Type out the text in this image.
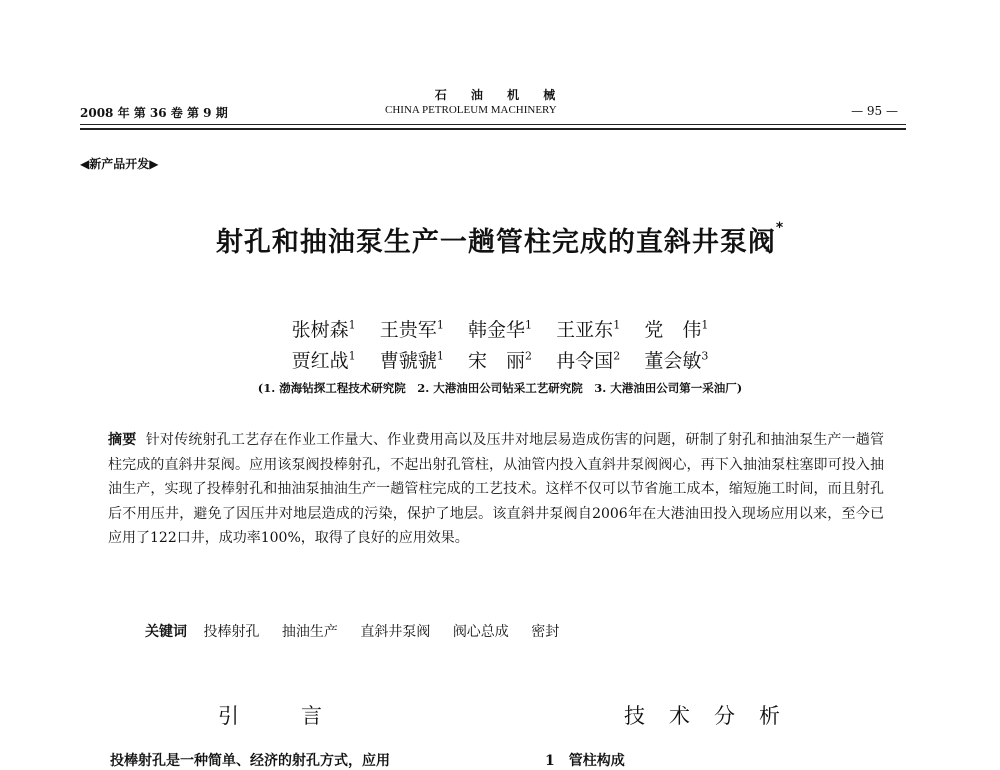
石 油 机 械
2008 年 第 36 卷 第 9 期	CHINA PETROLEUM MACHINERY	— 95 —
◀新产品开发▶
射孔和抽油泵生产一趟管柱完成的直斜井泵阀*
张树森$^1$ 王贵军$^1$ 韩金华$^1$ 王亚东$^1$ 党　伟$^1$
贾红战$^1$ 曹虢虢$^1$ 宋　丽$^2$ 冉令国$^2$ 董会敏$^3$
(1. 渤海钻探工程技术研究院　2. 大港油田公司钻采工艺研究院　3. 大港油田公司第一采油厂)

摘要 针对传统射孔工艺存在作业工作量大、作业费用高以及压井对地层易造成伤害的问题，研制了射孔和抽油泵生产一趟管柱完成的直斜井泵阀。应用该泵阀投棒射孔，不起出射孔管柱，从油管内投入直斜井泵阀阀心，再下入抽油泵柱塞即可投入抽油生产，实现了投棒射孔和抽油泵抽油生产一趟管柱完成的工艺技术。这样不仅可以节省施工成本，缩短施工时间，而且射孔后不用压井，避免了因压井对地层造成的污染，保护了地层。该直斜井泵阀自2006年在大港油田投入现场应用以来，至今已应用了122口井，成功率100%，取得了良好的应用效果。

关键词 投棒射孔 抽油生产 直斜井泵阀 阀心总成 密封
引言	技术分析
投棒射孔是一种简单、经济的射孔方式，应用	1　管柱构成
